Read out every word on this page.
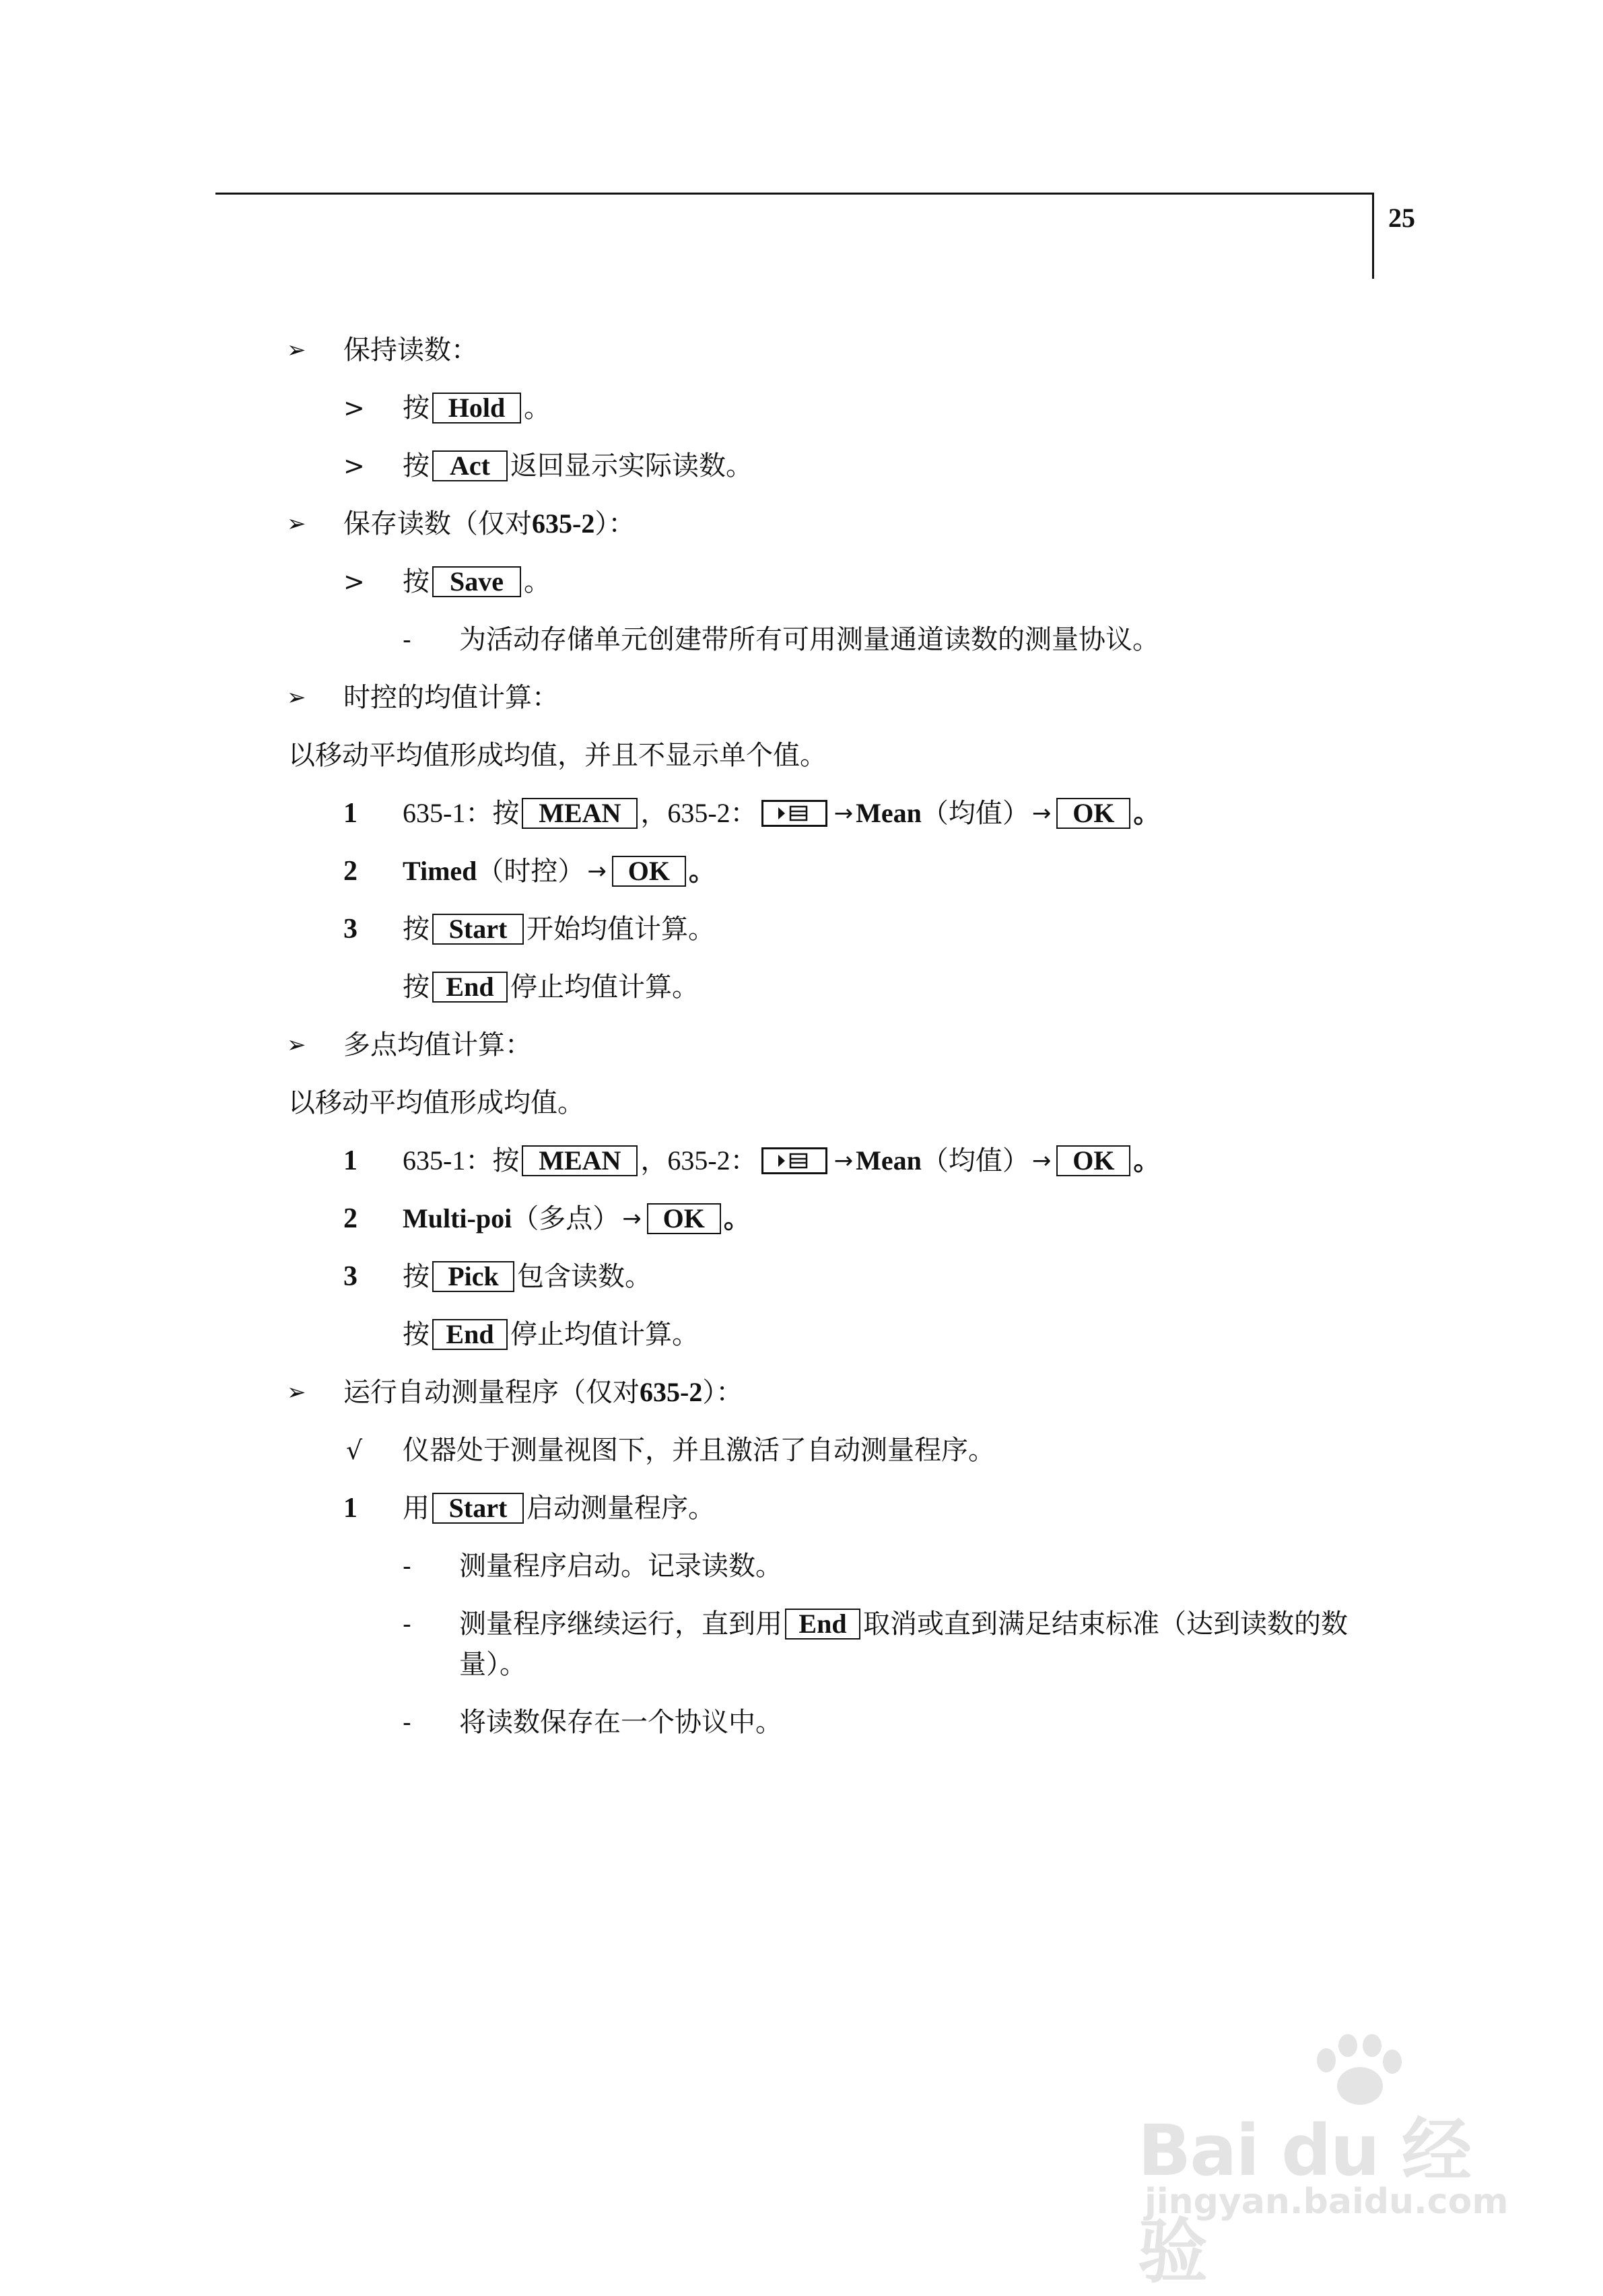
25
➢ 保持读数：
> 按 Hold 。
> 按 Act 返回显示实际读数。
➢ 保存读数（仅对 635-2 ）：
> 按 Save 。
- 为活动存储单元创建带所有可用测量通道读数的测量协议。
➢ 时控的均值计算：
以移动平均值形成均值，并且不显示单个值。
1 635-1 ：按 MEAN ， 635-2 ：	→ Mean （均值） → OK 。
2 Timed （时控） → OK 。
3 按 Start 开始均值计算。
按 End 停止均值计算。
➢ 多点均值计算：
以移动平均值形成均值。
1 635-1 ：按 MEAN ， 635-2 ：	→ Mean （均值） → OK 。
2 Multi-poi （多点） → OK 。
3 按 Pick 包含读数。
按 End 停止均值计算。
➢ 运行自动测量程序（仅对 635-2 ）：
√ 仪器处于测量视图下，并且激活了自动测量程序。
1 用 Start 启动测量程序。
- 测量程序启动。记录读数。
- 测量程序继续运行，直到用 End 取消或直到满足结束标准（达到读数的数
量）。
- 将读数保存在一个协议中。
Bai du 经验
jingyan.baidu.com
